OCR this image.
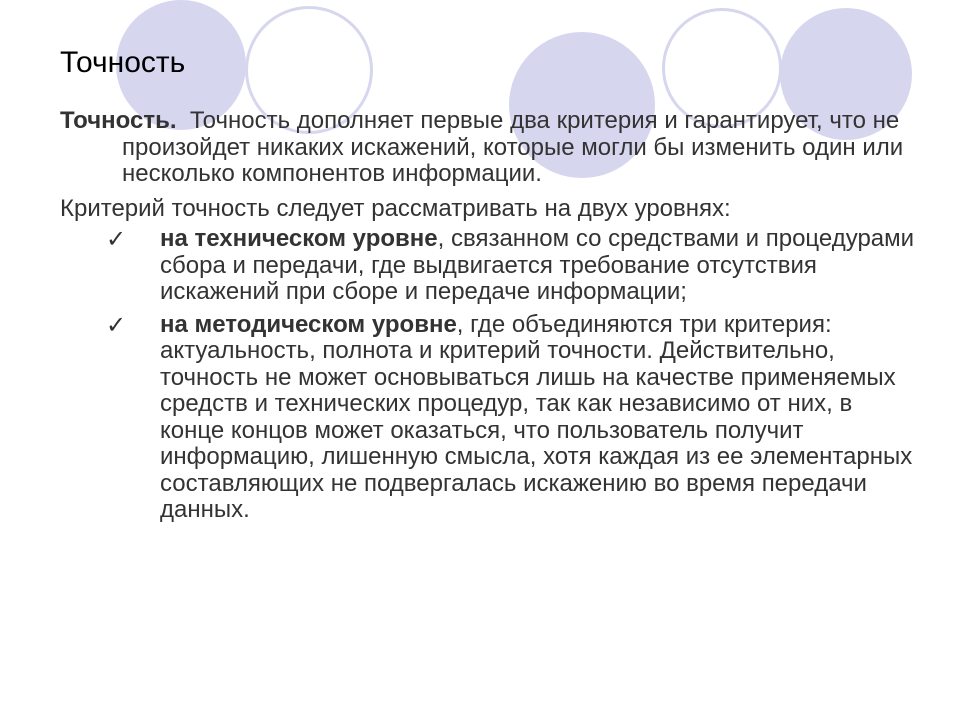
Точность

Точность. Точность дополняет первые два критерия и гарантирует, что не произойдет никаких искажений, которые могли бы изменить один или несколько компонентов информации.

Критерий точность следует рассматривать на двух уровнях:

✓ на техническом уровне, связанном со средствами и процедурами сбора и передачи, где выдвигается требование отсутствия искажений при сборе и передаче информации;
✓ на методическом уровне, где объединяются три критерия: актуальность, полнота и критерий точности. Действительно, точность не может основываться лишь на качестве применяемых средств и технических процедур, так как независимо от них, в конце концов может оказаться, что пользователь получит информацию, лишенную смысла, хотя каждая из ее элементарных составляющих не подвергалась искажению во время передачи данных.
